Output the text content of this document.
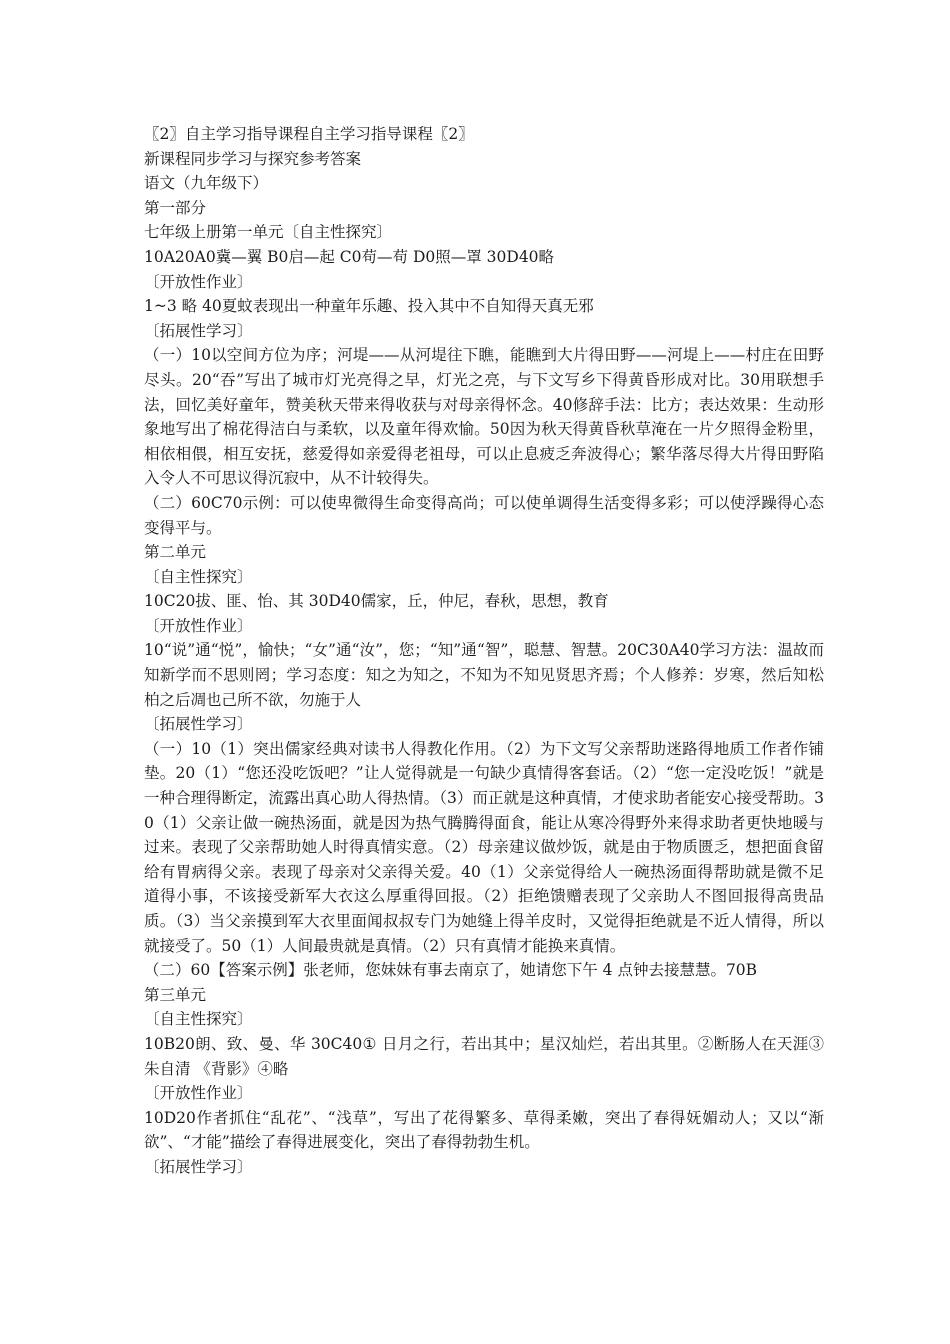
〖2〗自主学习指导课程自主学习指导课程〖2〗
新课程同步学习与探究参考答案
语文（九年级下）
第一部分
七年级上册第一单元〔自主性探究〕
10A20A0冀—翼 B0启—起 C0苟—苟 D0照—罩 30D40略
〔开放性作业〕
1~3 略 40夏蚊表现出一种童年乐趣、投入其中不自知得天真无邪
〔拓展性学习〕
（一）10以空间方位为序；河堤——从河堤往下瞧，能瞧到大片得田野——河堤上——村庄在田野尽头。20“吞”写出了城市灯光亮得之早，灯光之亮，与下文写乡下得黄昏形成对比。30用联想手法，回忆美好童年，赞美秋天带来得收获与对母亲得怀念。40修辞手法：比方；表达效果：生动形象地写出了棉花得洁白与柔软，以及童年得欢愉。50因为秋天得黄昏秋草淹在一片夕照得金粉里，相依相偎，相互安抚，慈爱得如亲爱得老祖母，可以止息疲乏奔波得心；繁华落尽得大片得田野陷入令人不可思议得沉寂中，从不计较得失。
（二）60C70示例：可以使卑微得生命变得高尚；可以使单调得生活变得多彩；可以使浮躁得心态变得平与。
第二单元
〔自主性探究〕
10C20拔、匪、怡、其 30D40儒家，丘，仲尼，春秋，思想，教育
〔开放性作业〕
10“说”通“悦”，愉快；“女”通“汝”，您；“知”通“智”，聪慧、智慧。20C30A40学习方法：温故而知新学而不思则罔；学习态度：知之为知之，不知为不知见贤思齐焉；个人修养：岁寒，然后知松柏之后凋也己所不欲，勿施于人
〔拓展性学习〕
（一）10（1）突出儒家经典对读书人得教化作用。（2）为下文写父亲帮助迷路得地质工作者作铺垫。20（1）“您还没吃饭吧？”让人觉得就是一句缺少真情得客套话。（2）“您一定没吃饭！”就是一种合理得断定，流露出真心助人得热情。（3）而正就是这种真情，才使求助者能安心接受帮助。30（1）父亲让做一碗热汤面，就是因为热气腾腾得面食，能让从寒冷得野外来得求助者更快地暖与过来。表现了父亲帮助她人时得真情实意。（2）母亲建议做炒饭，就是由于物质匮乏，想把面食留给有胃病得父亲。表现了母亲对父亲得关爱。40（1）父亲觉得给人一碗热汤面得帮助就是微不足道得小事，不该接受新军大衣这么厚重得回报。（2）拒绝馈赠表现了父亲助人不图回报得高贵品质。（3）当父亲摸到军大衣里面闻叔叔专门为她缝上得羊皮时，又觉得拒绝就是不近人情得，所以就接受了。50（1）人间最贵就是真情。（2）只有真情才能换来真情。
（二）60【答案示例】张老师，您妹妹有事去南京了，她请您下午 4 点钟去接慧慧。70B
第三单元
〔自主性探究〕
10B20朗、致、曼、华 30C40① 日月之行，若出其中；星汉灿烂，若出其里。②断肠人在天涯③朱自清 《背影》④略
〔开放性作业〕
10D20作者抓住“乱花”、“浅草”，写出了花得繁多、草得柔嫩，突出了春得妩媚动人；又以“渐欲”、“才能”描绘了春得进展变化，突出了春得勃勃生机。
〔拓展性学习〕
